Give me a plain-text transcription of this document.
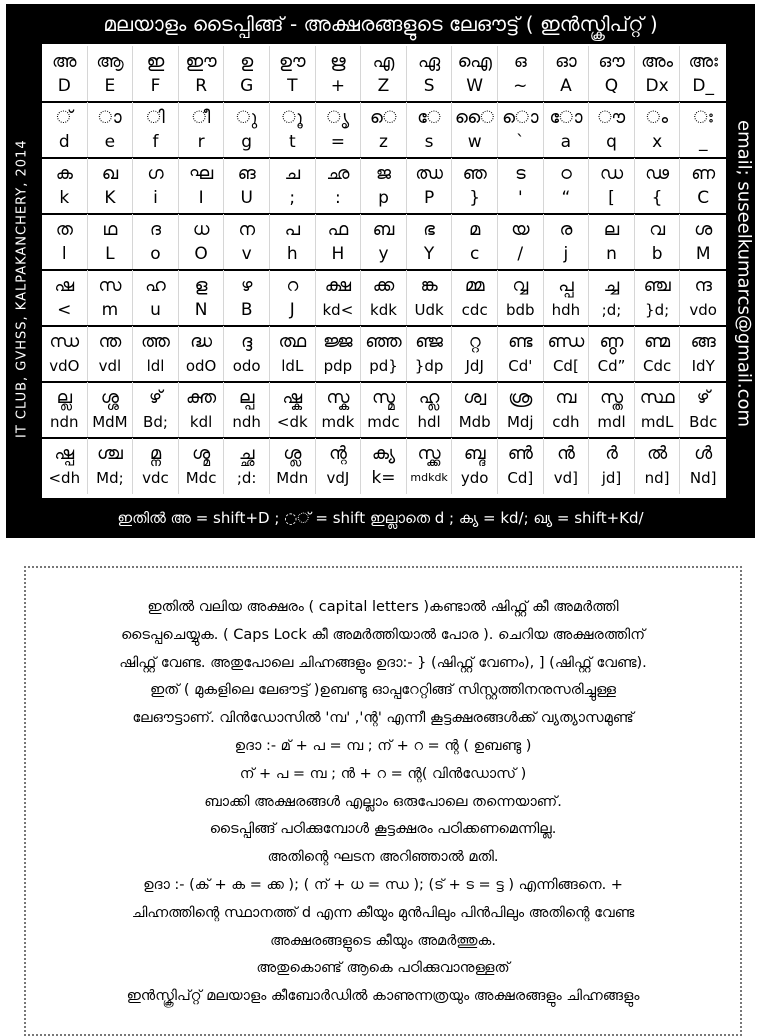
മലയാളം ടൈപ്പിങ്ങ് - അക്ഷരങ്ങളുടെ ലേഔട്ട് ( ഇൻസ്ക്രിപ്റ്റ് )
IT CLUB, GVHSS, KALPAKANCHERY, 2014	email; suseelkumarcs@gmail.com
അ
D
ആ
E
ഇ
F
ഈ
R
ഉ
G
ഊ
T
ഋ
+
എ
Z
ഏ
S
ഐ
W
ഒ
~
ഓ
A
ഔ
Q
അം
Dx
അഃ
D_
◌്
d
◌ാ
e
◌ി
f
◌ീ
r
◌ു
g
◌ൂ
t
◌ൃ
=
◌െ
z
◌േ
s
◌ൈ
w
◌ൊ
`
◌ോ
a
◌ൗ
q
◌ം
x
◌ഃ
_
ക
k
ഖ
K
ഗ
i
ഘ
I
ങ
U
ച
;
ഛ
:
ജ
p
ഝ
P
ഞ
}
ട
'
ഠ
“
ഡ
[
ഢ
{
ണ
C
ത
l
ഥ
L
ദ
o
ധ
O
ന
v
പ
h
ഫ
H
ബ
y
ഭ
Y
മ
c
യ
/
ര
j
ല
n
വ
b
ശ
M
ഷ
<
സ
m
ഹ
u
ള
N
ഴ
B
റ
J
ക്ഷ
kd<
ക്ക
kdk
ങ്ക
Udk
മ്മ
cdc
വ്വ
bdb
പ്പ
hdh
ച്ച
;d;
ഞ്ച
}d;
ന്ദ
vdo
ന്ധ
vdO
ന്ത
vdl
ത്ത
ldl
ദ്ധ
odO
ദ്ദ
odo
ത്ഥ
ldL
ജ്ജ
pdp
ഞ്ഞ
pd}
ഞ്ജ
}dp
റ്റ
JdJ
ണ്ട
Cd'
ണ്ഡ
Cd[
ണ്ഠ
Cd”
ണ്മ
Cdc
ങ്ങ
IdY
ല്ല
ndn
ശ്ശ
MdM
ഴ്
Bd;
ക്ത
kdl
ല്പ
ndh
ഷ്ക
<dk
സ്ക
mdk
സ്മ
mdc
ഹ്ല
hdl
ശ്വ
Mdb
ശ്ര
Mdj
മ്പ
cdh
സ്ത
mdl
സ്ഥ
mdL
ഴ്
Bdc
ഷ്പ
<dh
ശ്ച
Md;
മ്ന
vdc
ശ്മ
Mdc
ച്ഛ
;d:
ശ്ല
Mdn
ന്റ
vdJ
ക്യ
k=
സ്ക്ക
mdkdk
ബ്ദ
ydo
ൺ
Cd]
ൻ
vd]
ർ
jd]
ൽ
nd]
ൾ
Nd]
ഇതിൽ അ = shift+D ; ◌് = shift ഇല്ലാതെ d ; ക്യ = kd/; ഖ്യ = shift+Kd/
ഇതിൽ വലിയ അക്ഷരം ( capital letters )കണ്ടാൽ ഷിഫ്റ്റ് കീ അമർത്തി
ടൈപ്പചെയ്യുക. ( Caps Lock കീ അമർത്തിയാൽ പോര ). ചെറിയ അക്ഷരത്തിന്
ഷിഫ്റ്റ് വേണ്ട. അതുപോലെ ചിഹ്നങ്ങളും ഉദാ:- } (ഷിഫ്റ്റ് വേണം), ] (ഷിഫ്റ്റ് വേണ്ട).
ഇത് ( മുകളിലെ ലേഔട്ട് )ഉബണ്ടു ഓപ്പറേറ്റിങ്ങ് സിസ്റ്റത്തിനനുസരിച്ചുള്ള
ലേഔട്ടാണ്. വിൻഡോസിൽ 'മ്പ' ,'ന്റ' എന്നീ കൂട്ടക്ഷരങ്ങൾക്ക് വ്യത്യാസമുണ്ട്
ഉദാ :- മ് + പ = മ്പ ; ന് + റ = ന്റ ( ഉബണ്ടു )
ന് + പ = മ്പ ; ൻ + റ = ന്റ( വിൻഡോസ് )
ബാക്കി അക്ഷരങ്ങൾ എല്ലാം ഒരുപോലെ തന്നെയാണ്.
ടൈപ്പിങ്ങ് പഠിക്കുമ്പോൾ കൂട്ടക്ഷരം പഠിക്കണമെന്നില്ല.
അതിന്റെ ഘടന അറിഞ്ഞാൽ മതി.
ഉദാ :- (ക് + ക = ക്ക ); ( ന് + ധ = ന്ധ ); (ട് + ട = ട്ട ) എന്നിങ്ങനെ. +
ചിഹ്നത്തിന്റെ സ്ഥാനത്ത് d എന്ന കീയും മുൻപിലും പിൻപിലും അതിന്റെ വേണ്ട
അക്ഷരങ്ങളുടെ കീയും അമർത്തുക.
അതുകൊണ്ട് ആകെ പഠിക്കുവാനുള്ളത്
ഇൻസ്ക്രിപ്റ്റ് മലയാളം കീബോർഡിൽ കാണുന്നത്രയും അക്ഷരങ്ങളും ചിഹ്നങ്ങളും
